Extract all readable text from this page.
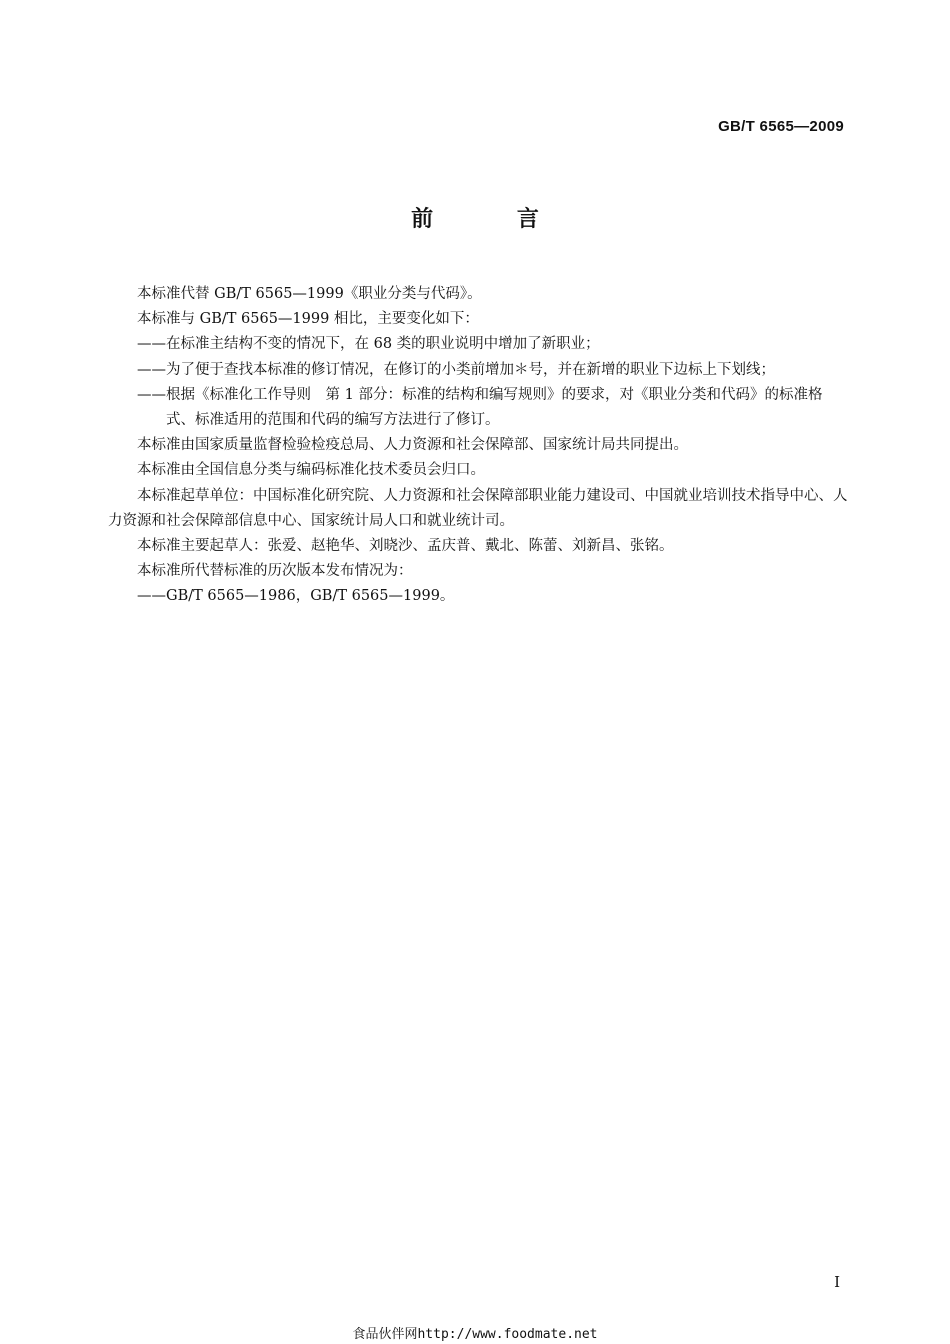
GB/T 6565—2009
前 言

本标准代替 GB/T 6565—1999《职业分类与代码》。

本标准与 GB/T 6565—1999 相比，主要变化如下：

——在标准主结构不变的情况下，在 68 类的职业说明中增加了新职业；

——为了便于查找本标准的修订情况，在修订的小类前增加＊号，并在新增的职业下边标上下划线；

——根据《标准化工作导则　第 1 部分：标准的结构和编写规则》的要求，对《职业分类和代码》的标准格式、标准适用的范围和代码的编写方法进行了修订。

本标准由国家质量监督检验检疫总局、人力资源和社会保障部、国家统计局共同提出。

本标准由全国信息分类与编码标准化技术委员会归口。

本标准起草单位：中国标准化研究院、人力资源和社会保障部职业能力建设司、中国就业培训技术指导中心、人力资源和社会保障部信息中心、国家统计局人口和就业统计司。

本标准主要起草人：张爱、赵艳华、刘晓沙、孟庆普、戴北、陈蕾、刘新昌、张铭。

本标准所代替标准的历次版本发布情况为：

——GB/T 6565—1986，GB/T 6565—1999。

I
食品伙伴网http://www.foodmate.net
